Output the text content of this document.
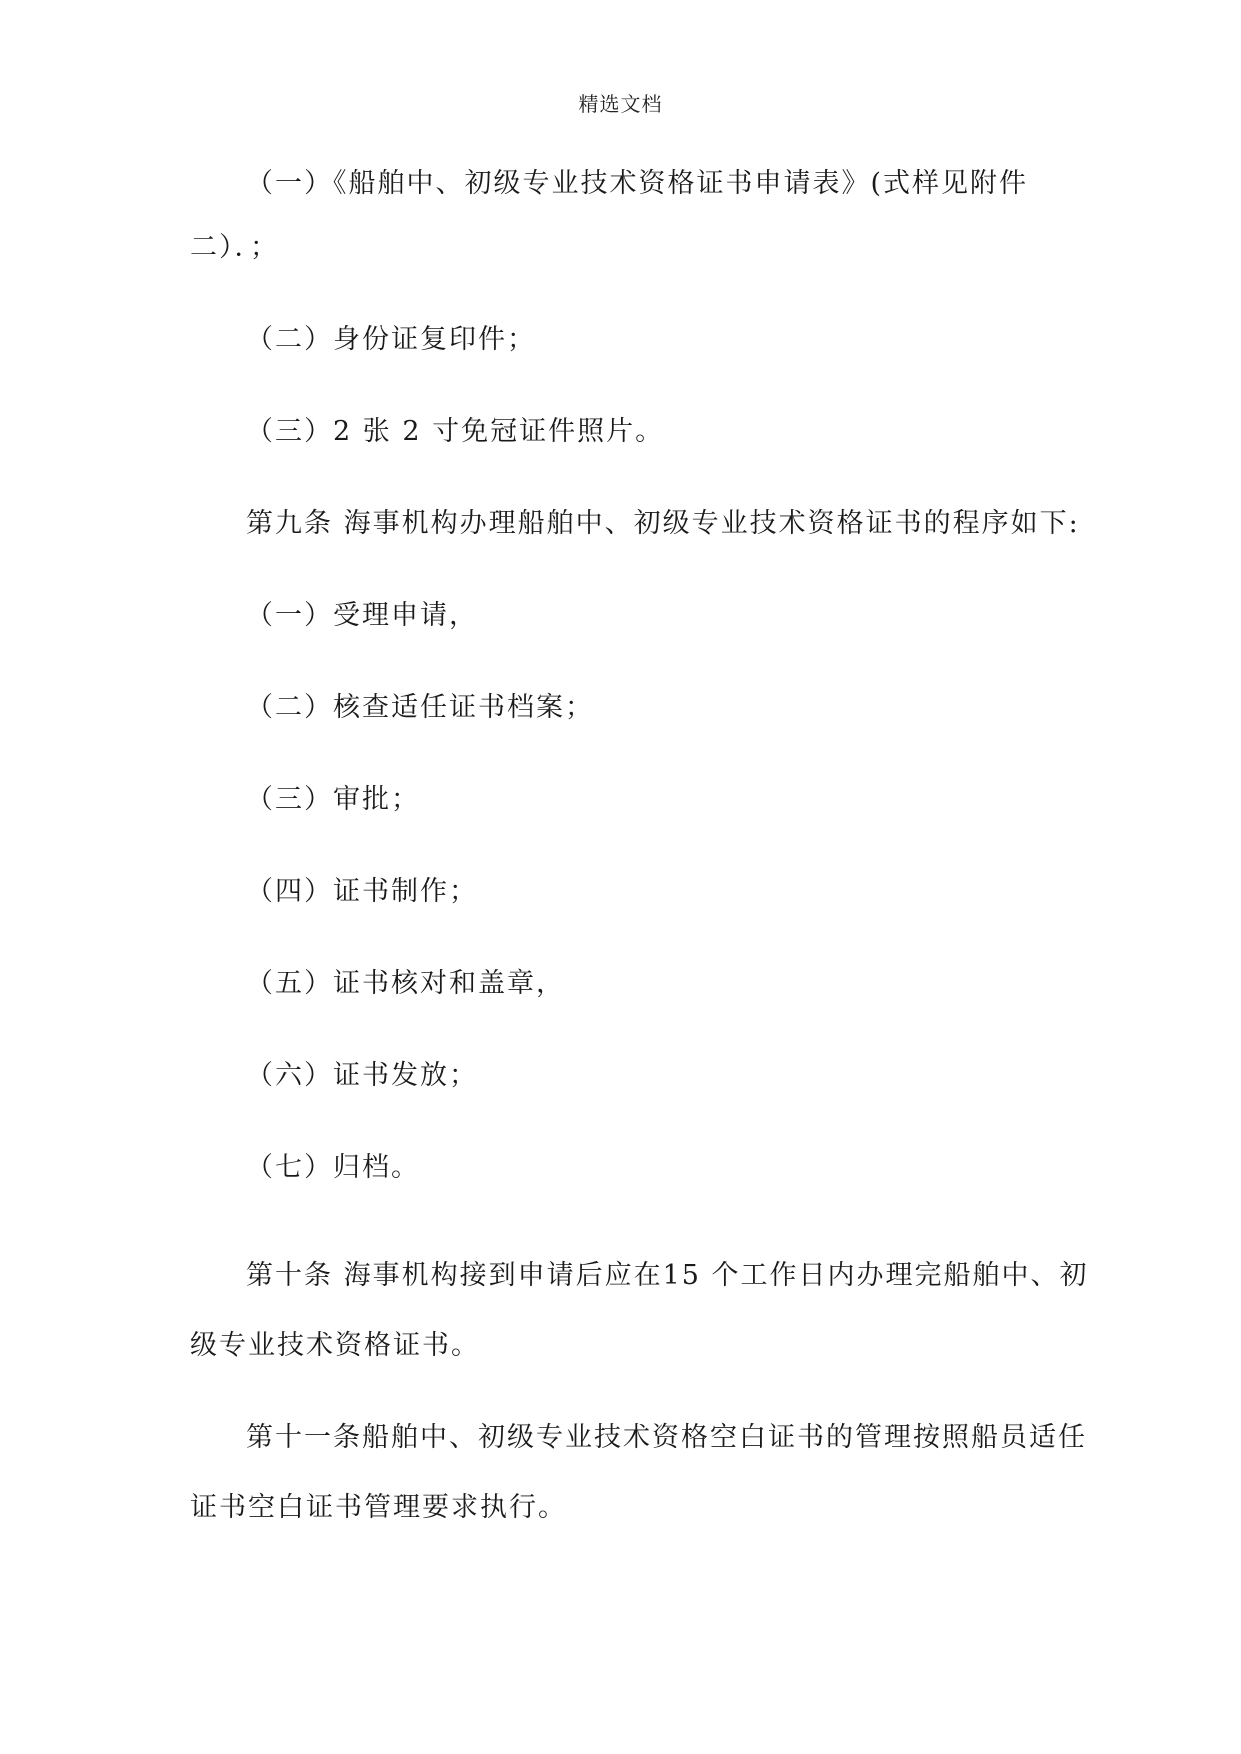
精选文档
（一）《船舶中、初级专业技术资格证书申请表》(式样见附件
二）．；
（二）身份证复印件；
（三）2 张 2 寸免冠证件照片。
第九条 海事机构办理船舶中、初级专业技术资格证书的程序如下:
（一）受理申请，
（二）核查适任证书档案；
（三）审批；
（四）证书制作；
（五）证书核对和盖章，
（六）证书发放；
（七）归档。
第十条 海事机构接到申请后应在15 个工作日内办理完船舶中、初
级专业技术资格证书。
第十一条船舶中、初级专业技术资格空白证书的管理按照船员适任
证书空白证书管理要求执行。
